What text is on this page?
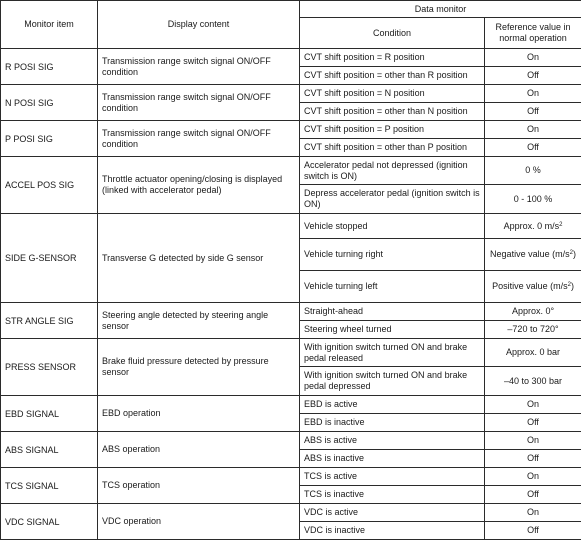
Monitor item	Display content	Data monitor	
		Condition	Reference value in normal operation
R POSI SIG	Transmission range switch signal ON/OFF condition	CVT shift position = R position	On
		CVT shift position = other than R position	Off
N POSI SIG	Transmission range switch signal ON/OFF condition	CVT shift position = N position	On
		CVT shift position = other than N position	Off
P POSI SIG	Transmission range switch signal ON/OFF condition	CVT shift position = P position	On
		CVT shift position = other than P position	Off
ACCEL POS SIG	Throttle actuator opening/closing is displayed (linked with accelerator pedal)	Accelerator pedal not depressed (ignition switch is ON)	0 %
		Depress accelerator pedal (ignition switch is ON)	0 - 100 %
SIDE G-SENSOR	Transverse G detected by side G sensor	Vehicle stopped	Approx. 0 $m/s^2$
		Vehicle turning right	Negative value $(m/s^2)$
		Vehicle turning left	Positive value $(m/s^2)$
STR ANGLE SIG	Steering angle detected by steering angle sensor	Straight-ahead	Approx. 0°
		Steering wheel turned	–720 to 720°
PRESS SENSOR	Brake fluid pressure detected by pressure sensor	With ignition switch turned ON and brake pedal released	Approx. 0 bar
		With ignition switch turned ON and brake pedal depressed	–40 to 300 bar
EBD SIGNAL	EBD operation	EBD is active	On
		EBD is inactive	Off
ABS SIGNAL	ABS operation	ABS is active	On
		ABS is inactive	Off
TCS SIGNAL	TCS operation	TCS is active	On
		TCS is inactive	Off
VDC SIGNAL	VDC operation	VDC is active	On
		VDC is inactive	Off
